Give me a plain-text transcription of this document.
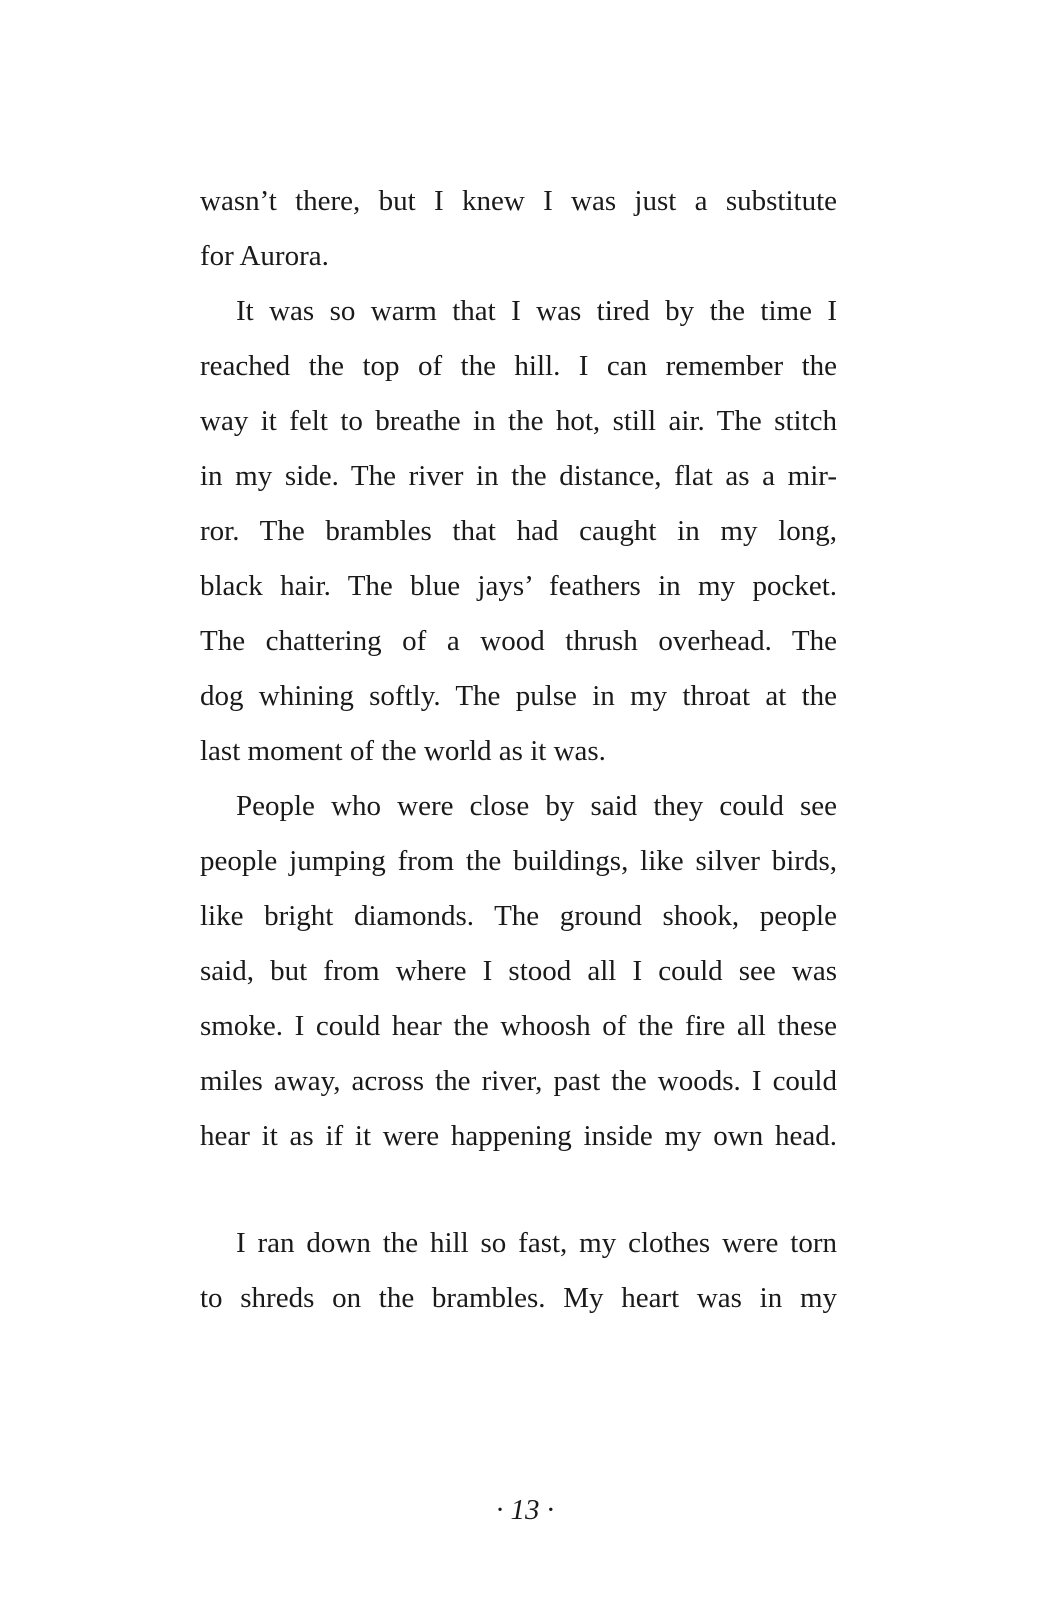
wasn’t there, but I knew I was just a substitute
for Aurora.
It was so warm that I was tired by the time I
reached the top of the hill. I can remember the
way it felt to breathe in the hot, still air. The stitch
in my side. The river in the distance, flat as a mir-
ror. The brambles that had caught in my long,
black hair. The blue jays’ feathers in my pocket.
The chattering of a wood thrush overhead. The
dog whining softly. The pulse in my throat at the
last moment of the world as it was.
People who were close by said they could see
people jumping from the buildings, like silver birds,
like bright diamonds. The ground shook, people
said, but from where I stood all I could see was
smoke. I could hear the whoosh of the fire all these
miles away, across the river, past the woods. I could
hear it as if it were happening inside my own head.
I ran down the hill so fast, my clothes were torn
to shreds on the brambles. My heart was in my
· 13 ·
